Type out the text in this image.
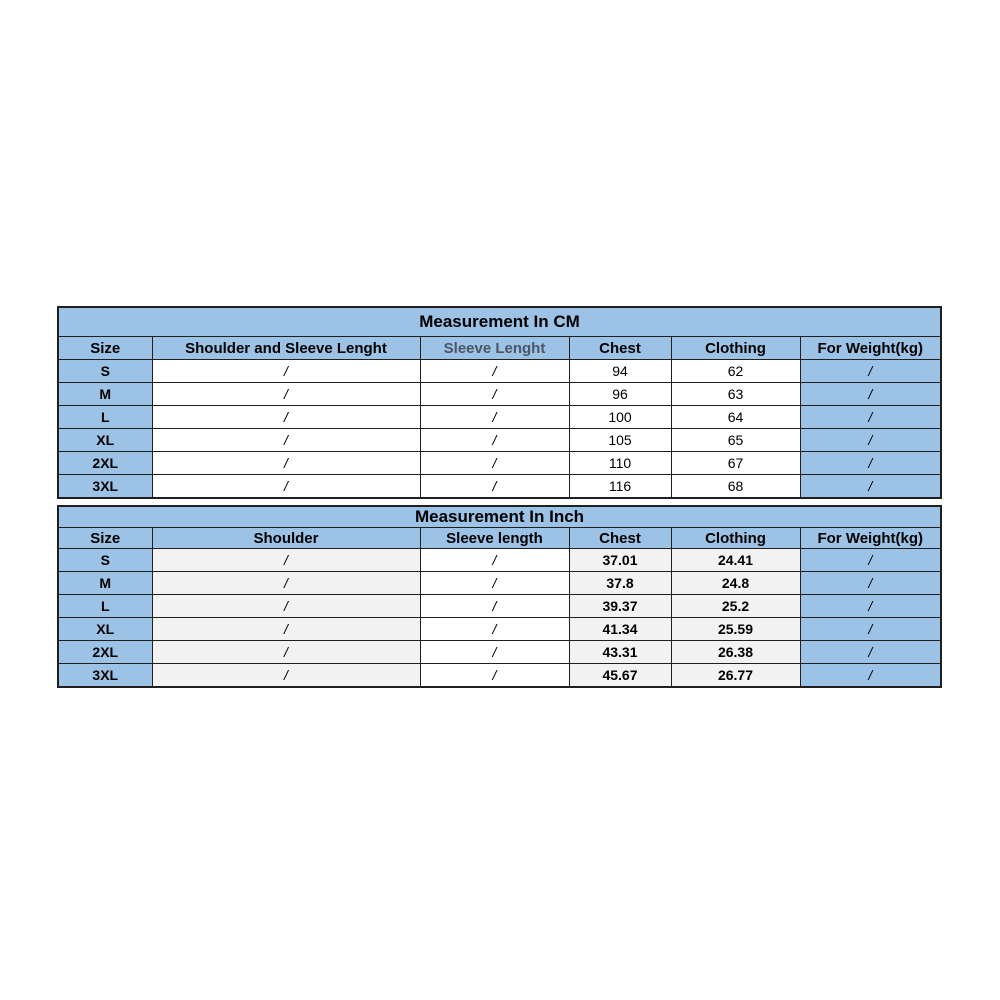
Measurement In CM					
Size	Shoulder and Sleeve Lenght	Sleeve Lenght	Chest	Clothing	For Weight(kg)
S	/	/	94	62	/
M	/	/	96	63	/
L	/	/	100	64	/
XL	/	/	105	65	/
2XL	/	/	110	67	/
3XL	/	/	116	68	/
Measurement In Inch					
Size	Shoulder	Sleeve length	Chest	Clothing	For Weight(kg)
S	/	/	37.01	24.41	/
M	/	/	37.8	24.8	/
L	/	/	39.37	25.2	/
XL	/	/	41.34	25.59	/
2XL	/	/	43.31	26.38	/
3XL	/	/	45.67	26.77	/
